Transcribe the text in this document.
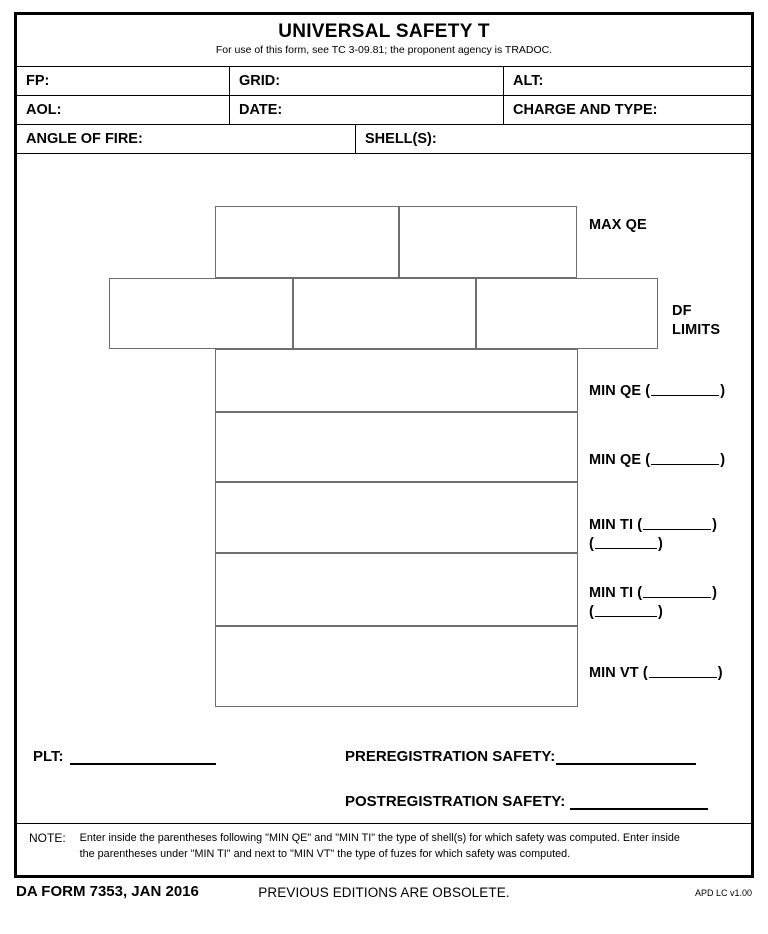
UNIVERSAL SAFETY T
For use of this form, see TC 3-09.81; the proponent agency is TRADOC.
FP:	GRID:	ALT:
AOL:	DATE:	CHARGE AND TYPE:
ANGLE OF FIRE:	SHELL(S):
MAX QE
DF
LIMITS
MIN QE (	)
MIN QE (	)
MIN TI (	)
(	)
MIN TI (	)
(	)
MIN VT (	)
PLT:	PREREGISTRATION SAFETY:
POSTREGISTRATION SAFETY:
NOTE:	Enter inside the parentheses following "MIN QE" and "MIN TI" the type of shell(s) for which safety was computed. Enter inside
the parentheses under "MIN TI" and next to "MIN VT" the type of fuzes for which safety was computed.
DA FORM 7353, JAN 2016	PREVIOUS EDITIONS ARE OBSOLETE.	APD LC v1.00
